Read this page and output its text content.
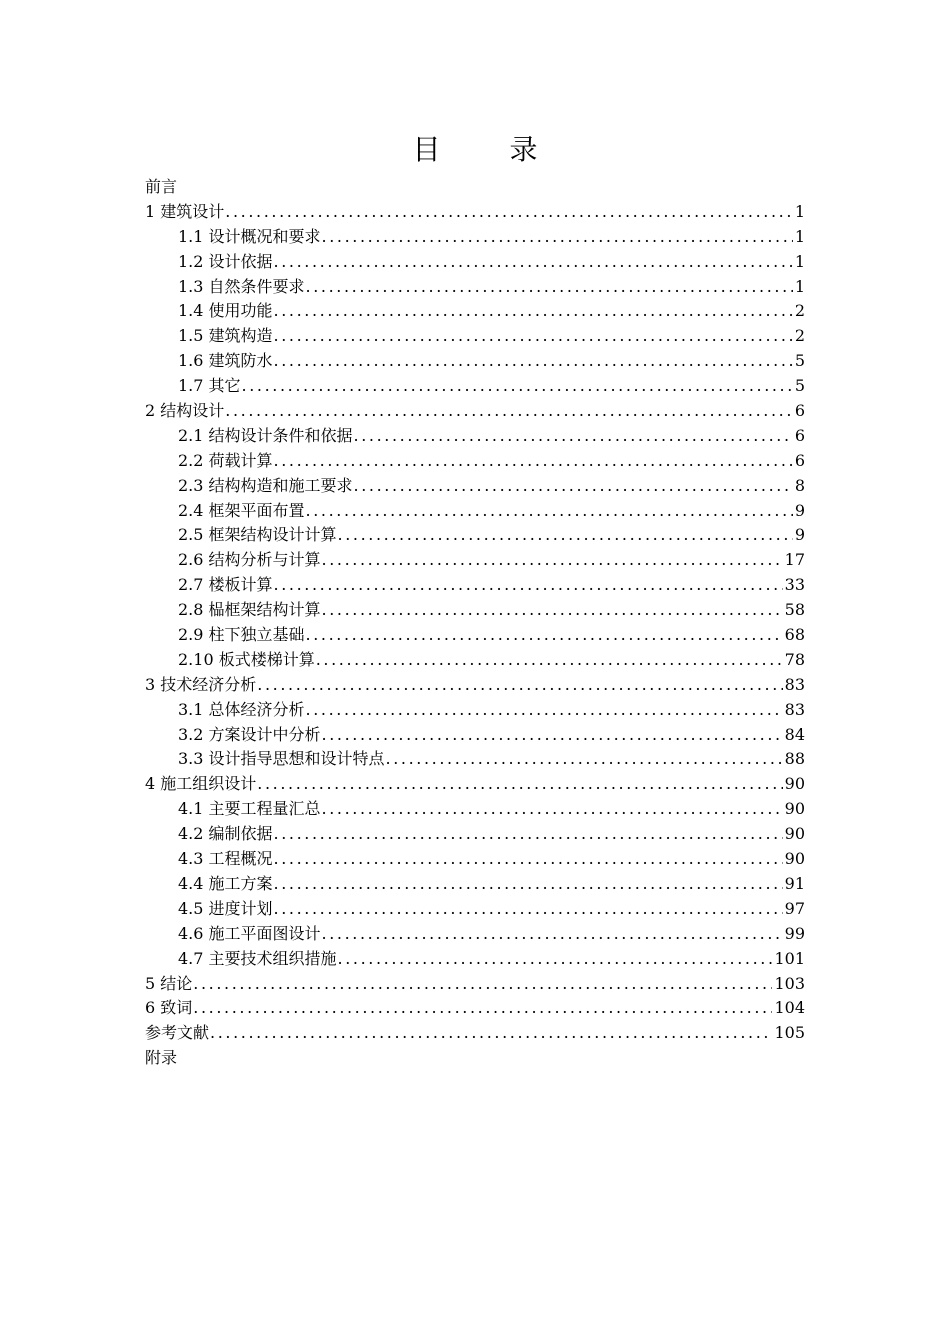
目 录
前言
1 建筑设计 .....	1
1.1 设计概况和要求 .....	1
1.2 设计依据 .....	1
1.3 自然条件要求 .....	1
1.4 使用功能 .....	2
1.5 建筑构造 .....	2
1.6 建筑防水 .....	5
1.7 其它 .....	5
2 结构设计 .....	6
2.1 结构设计条件和依据 .....	6
2.2 荷载计算 .....	6
2.3 结构构造和施工要求 .....	8
2.4 框架平面布置 .....	9
2.5 框架结构设计计算 .....	9
2.6 结构分析与计算 .....	17
2.7 楼板计算 .....	33
2.8 榀框架结构计算 .....	58
2.9 柱下独立基础 .....	68
2.10 板式楼梯计算 .....	78
3 技术经济分析 .....	83
3.1 总体经济分析 .....	83
3.2 方案设计中分析 .....	84
3.3 设计指导思想和设计特点 .....	88
4 施工组织设计 .....	90
4.1 主要工程量汇总 .....	90
4.2 编制依据 .....	90
4.3 工程概况 .....	90
4.4 施工方案 .....	91
4.5 进度计划 .....	97
4.6 施工平面图设计 .....	99
4.7 主要技术组织措施 .....	101
5 结论 .....	103
6 致词 .....	104
参考文献 .....	105
附录
